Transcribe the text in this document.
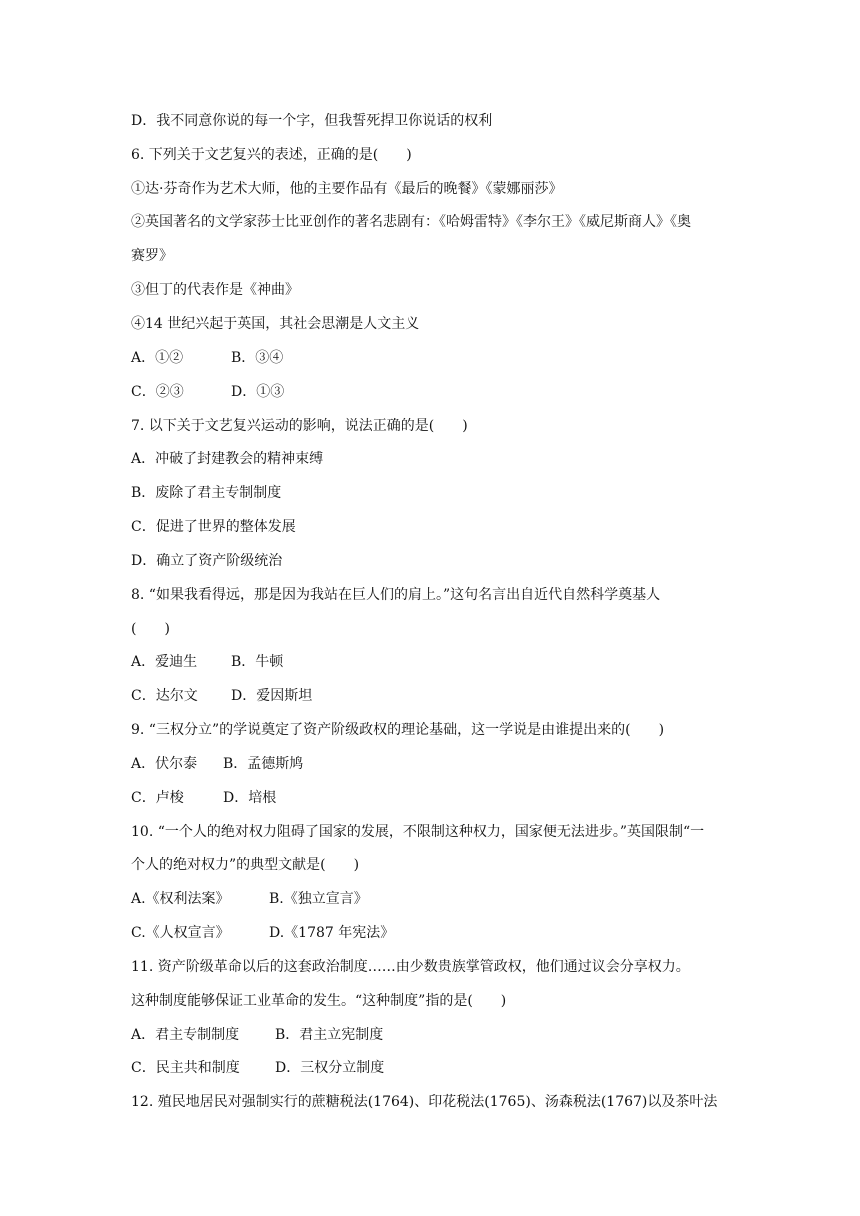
D．我不同意你说的每一个字，但我誓死捍卫你说话的权利
6. 下列关于文艺复兴的表述，正确的是(　　)
①达·芬奇作为艺术大师，他的主要作品有《最后的晚餐》《蒙娜丽莎》
②英国著名的文学家莎士比亚创作的著名悲剧有：《哈姆雷特》《李尔王》《威尼斯商人》《奥
赛罗》
③但丁的代表作是《神曲》
④14 世纪兴起于英国，其社会思潮是人文主义
A．①②	B．③④
C．②③	D．①③
7. 以下关于文艺复兴运动的影响，说法正确的是(　　)
A．冲破了封建教会的精神束缚
B．废除了君主专制制度
C．促进了世界的整体发展
D．确立了资产阶级统治
8. “如果我看得远，那是因为我站在巨人们的肩上。”这句名言出自近代自然科学奠基人
(　　)
A．爱迪生 B．牛顿
C．达尔文 D．爱因斯坦
9. “三权分立”的学说奠定了资产阶级政权的理论基础，这一学说是由谁提出来的(　　)
A．伏尔泰 B．孟德斯鸠
C．卢梭	D．培根
10. “一个人的绝对权力阻碍了国家的发展，不限制这种权力，国家便无法进步。”英国限制“一
个人的绝对权力”的典型文献是(　　)
A.《权利法案》	B.《独立宣言》
C.《人权宣言》	D.《1787 年宪法》
11. 资产阶级革命以后的这套政治制度……由少数贵族掌管政权，他们通过议会分享权力。
这种制度能够保证工业革命的发生。“这种制度”指的是(　　)
A．君主专制制度	B．君主立宪制度
C．民主共和制度	D．三权分立制度
12. 殖民地居民对强制实行的蔗糖税法(1764)、印花税法(1765)、汤森税法(1767)以及茶叶法
